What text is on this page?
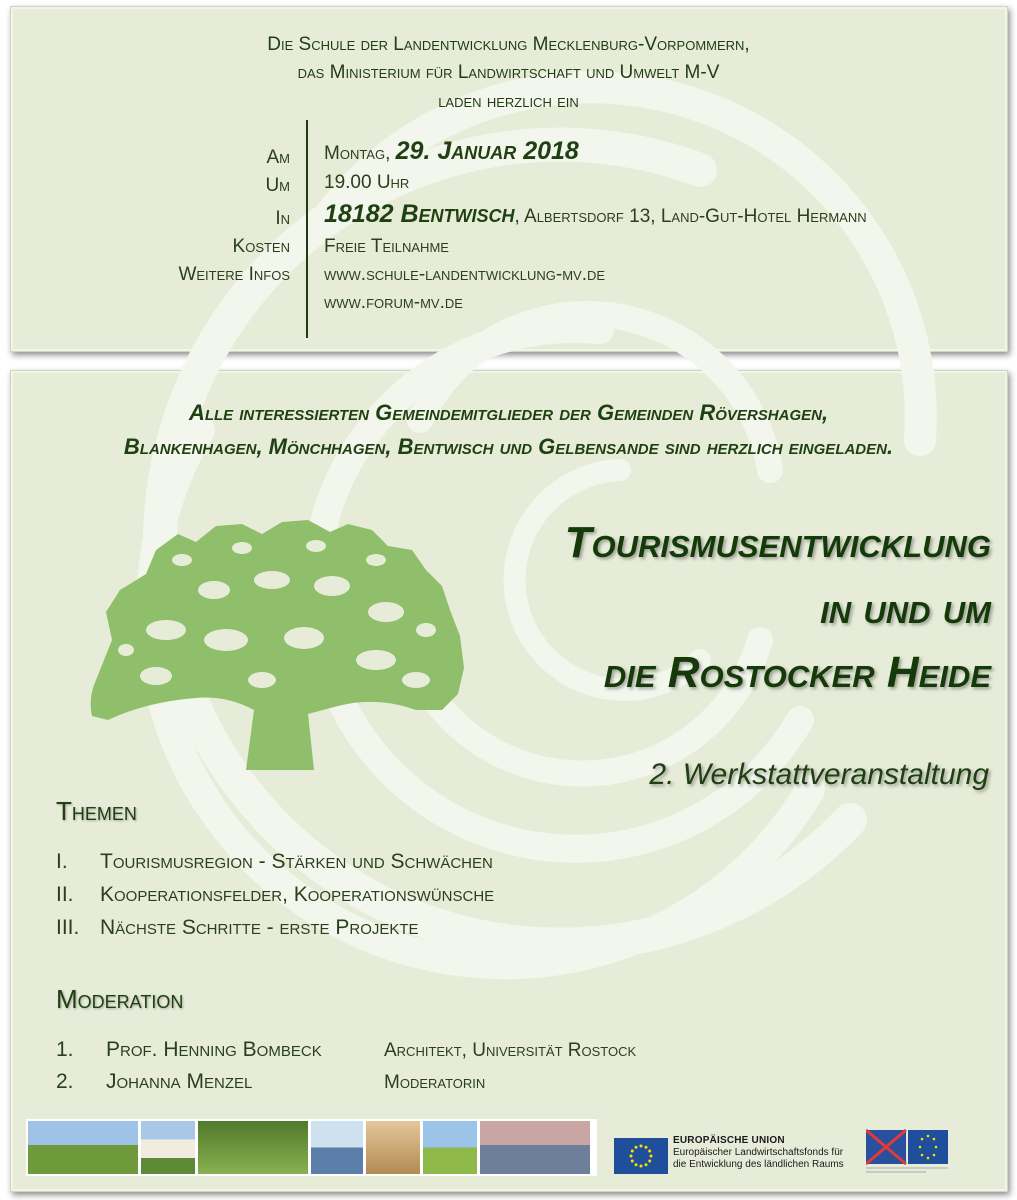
Die Schule der Landentwicklung Mecklenburg-Vorpommern,
das Ministerium für Landwirtschaft und Umwelt M-V
laden herzlich ein
Am Montag, 29. Januar 2018
Um 19.00 Uhr
In 18182 Bentwisch, Albertsdorf 13, Land-Gut-Hotel Hermann
Kosten Freie Teilnahme
Weitere Infos www.schule-landentwicklung-mv.de
www.forum-mv.de
Alle interessierten Gemeindemitglieder der Gemeinden Rövershagen,
Blankenhagen, Mönchhagen, Bentwisch und Gelbensande sind herzlich eingeladen.
Tourismusentwicklung
in und um
die Rostocker Heide
2. Werkstattveranstaltung
Themen
I. Tourismusregion - Stärken und Schwächen
II. Kooperationsfelder, Kooperationswünsche
III. Nächste Schritte - erste Projekte
Moderation
1. Prof. Henning Bombeck	Architekt, Universität Rostock
2. Johanna Menzel	Moderatorin
EUROPÄISCHE UNION
Europäischer Landwirtschaftsfonds für
die Entwicklung des ländlichen Raums
